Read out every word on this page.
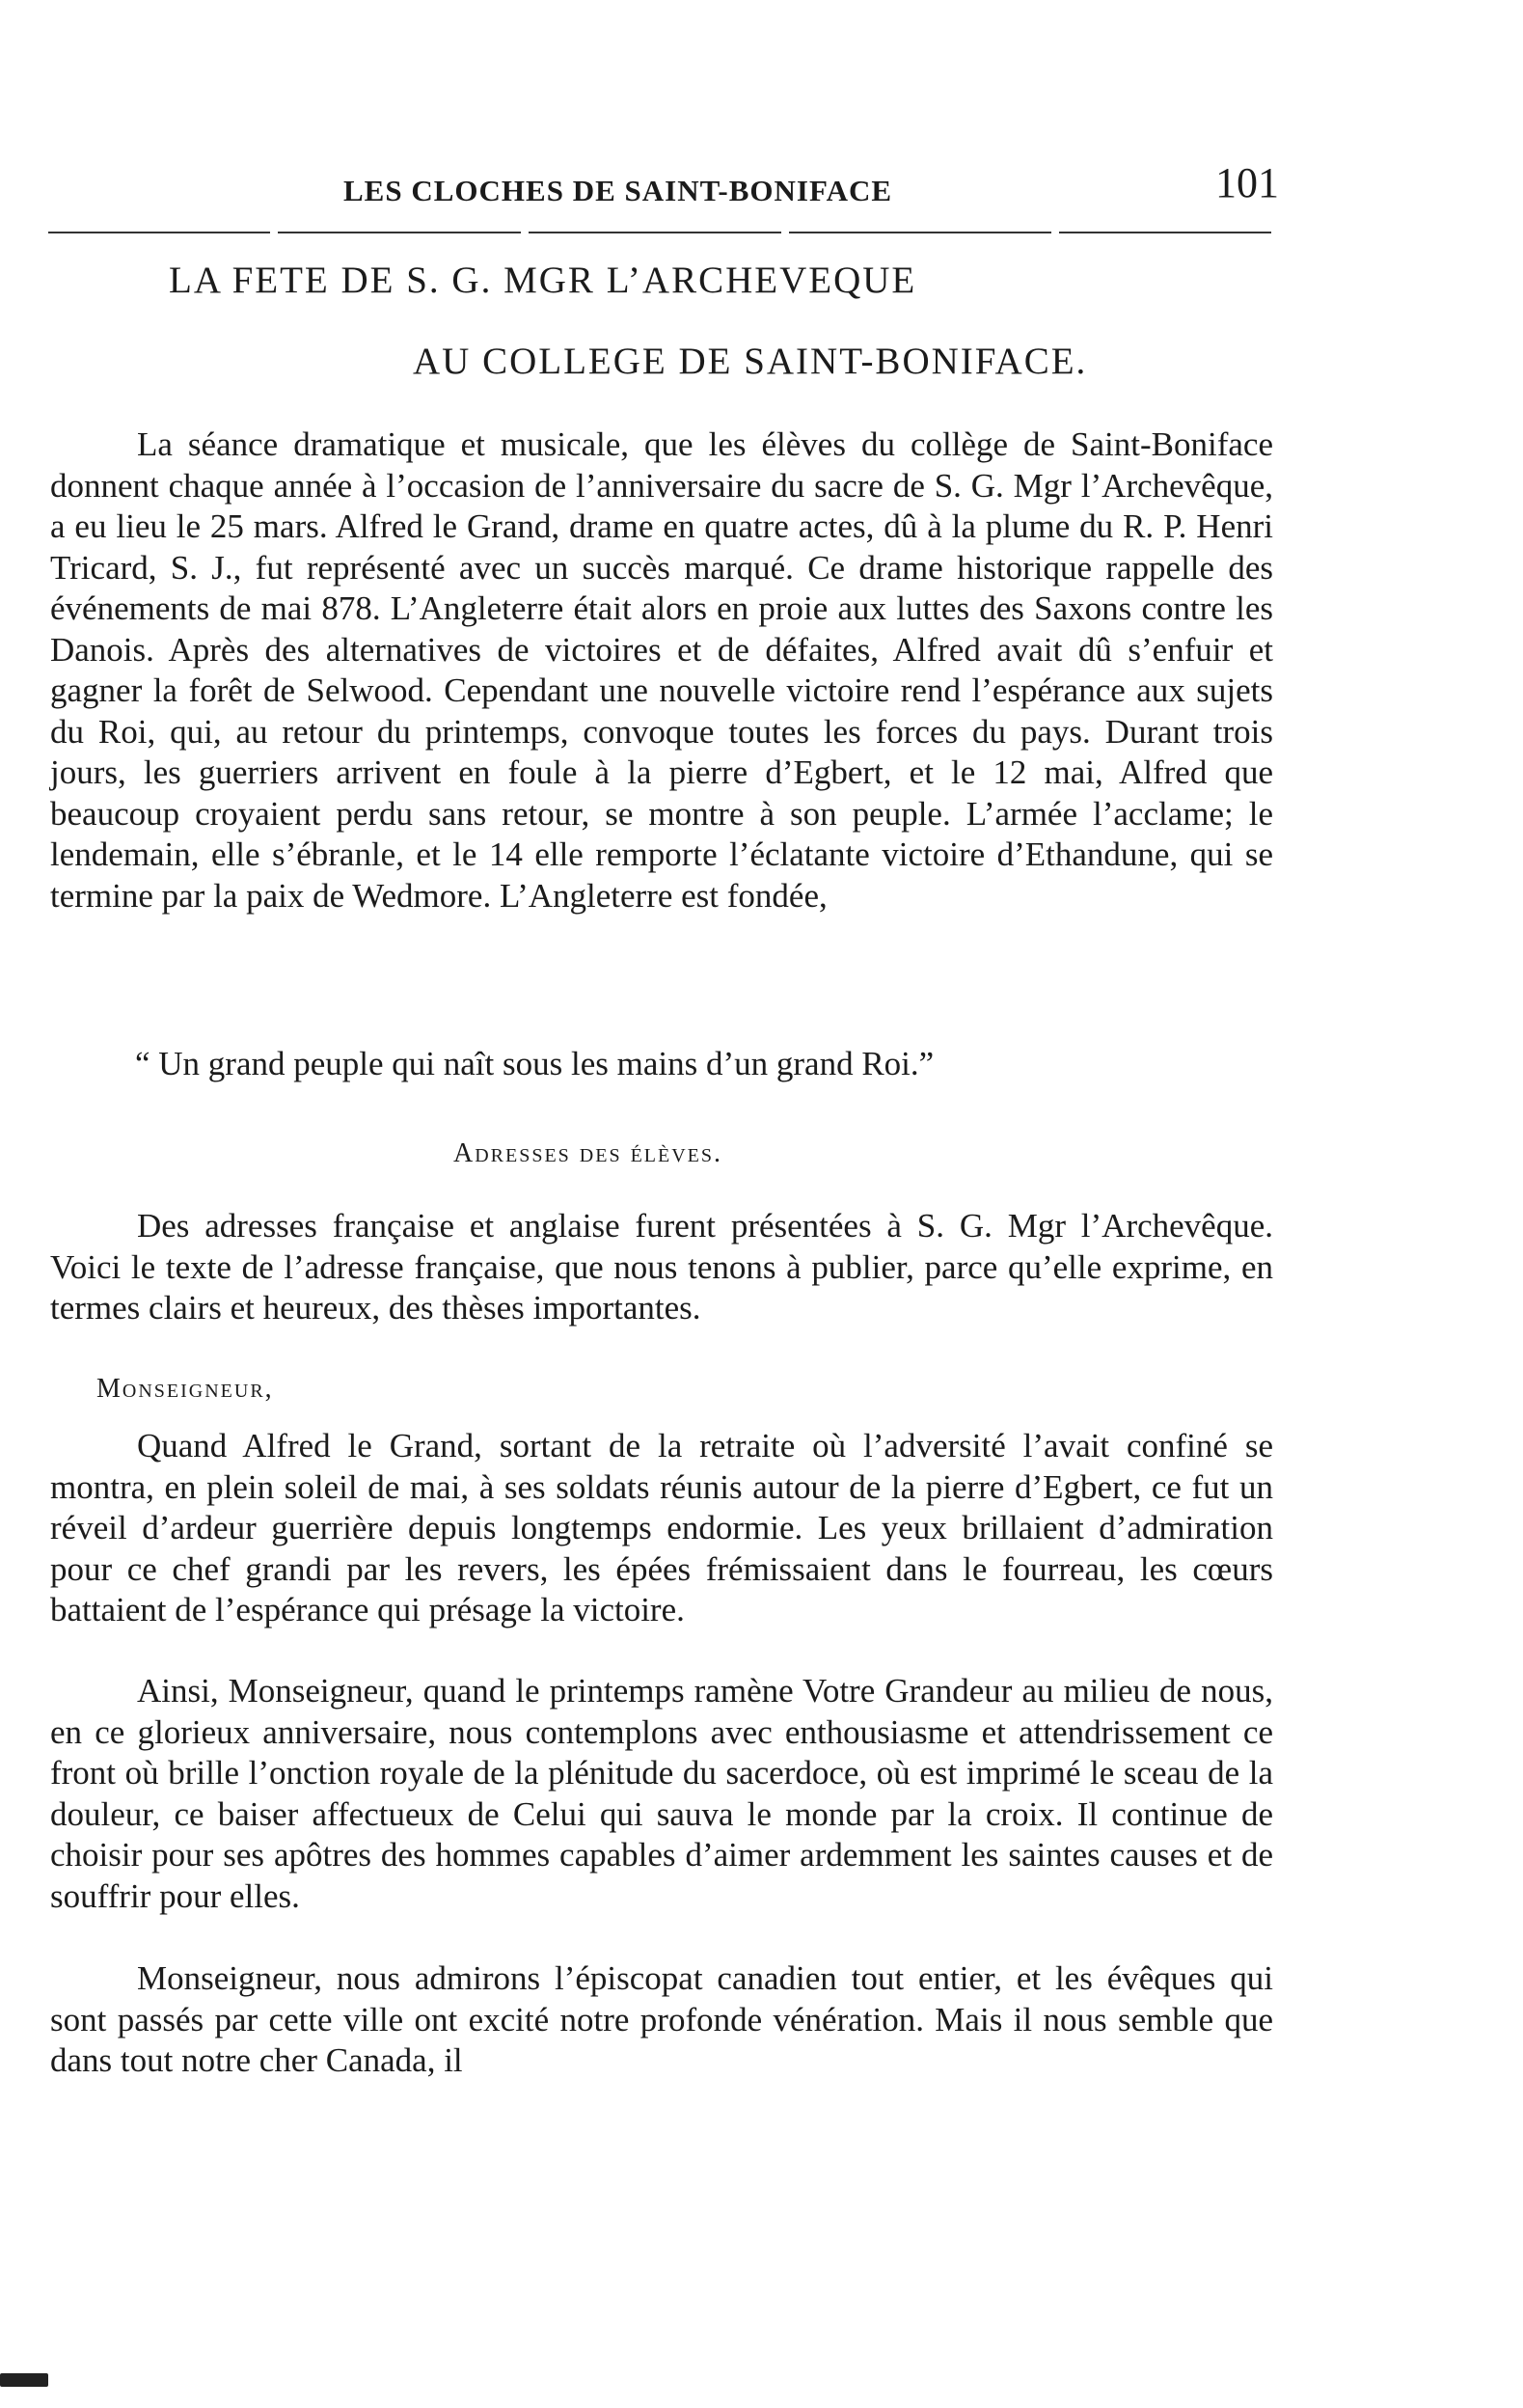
LES CLOCHES DE SAINT-BONIFACE	101
LA FETE DE S. G. MGR L’ARCHEVEQUE
AU COLLEGE DE SAINT-BONIFACE.

La séance dramatique et musicale, que les élèves du collège de Saint-Boniface donnent chaque année à l’occasion de l’anniversaire du sacre de S. G. Mgr l’Archevêque, a eu lieu le 25 mars. Alfred le Grand, drame en quatre actes, dû à la plume du R. P. Henri Tricard, S. J., fut représenté avec un succès marqué. Ce drame historique rappelle des événements de mai 878. L’Angleterre était alors en proie aux luttes des Saxons contre les Danois. Après des alternatives de victoires et de défaites, Alfred avait dû s’enfuir et gagner la forêt de Selwood. Cependant une nouvelle victoire rend l’espérance aux sujets du Roi, qui, au retour du printemps, convoque toutes les forces du pays. Durant trois jours, les guerriers arrivent en foule à la pierre d’Egbert, et le 12 mai, Alfred que beaucoup croyaient perdu sans retour, se montre à son peuple. L’armée l’acclame; le lendemain, elle s’ébranle, et le 14 elle remporte l’éclatante victoire d’Ethandune, qui se termine par la paix de Wedmore. L’Angleterre est fondée,

“ Un grand peuple qui naît sous les mains d’un grand Roi.”
Adresses des élèves.

Des adresses française et anglaise furent présentées à S. G. Mgr l’Archevêque. Voici le texte de l’adresse française, que nous tenons à publier, parce qu’elle exprime, en termes clairs et heureux, des thèses importantes.

Monseigneur,

Quand Alfred le Grand, sortant de la retraite où l’adversité l’avait confiné se montra, en plein soleil de mai, à ses soldats réunis autour de la pierre d’Egbert, ce fut un réveil d’ardeur guerrière depuis longtemps endormie. Les yeux brillaient d’admiration pour ce chef grandi par les revers, les épées frémissaient dans le fourreau, les cœurs battaient de l’espérance qui présage la victoire.

Ainsi, Monseigneur, quand le printemps ramène Votre Grandeur au milieu de nous, en ce glorieux anniversaire, nous contemplons avec enthousiasme et attendrissement ce front où brille l’onction royale de la plénitude du sacerdoce, où est imprimé le sceau de la douleur, ce baiser affectueux de Celui qui sauva le monde par la croix. Il continue de choisir pour ses apôtres des hommes capables d’aimer ardemment les saintes causes et de souffrir pour elles.

Monseigneur, nous admirons l’épiscopat canadien tout entier, et les évêques qui sont passés par cette ville ont excité notre profonde vénération. Mais il nous semble que dans tout notre cher Canada, il
